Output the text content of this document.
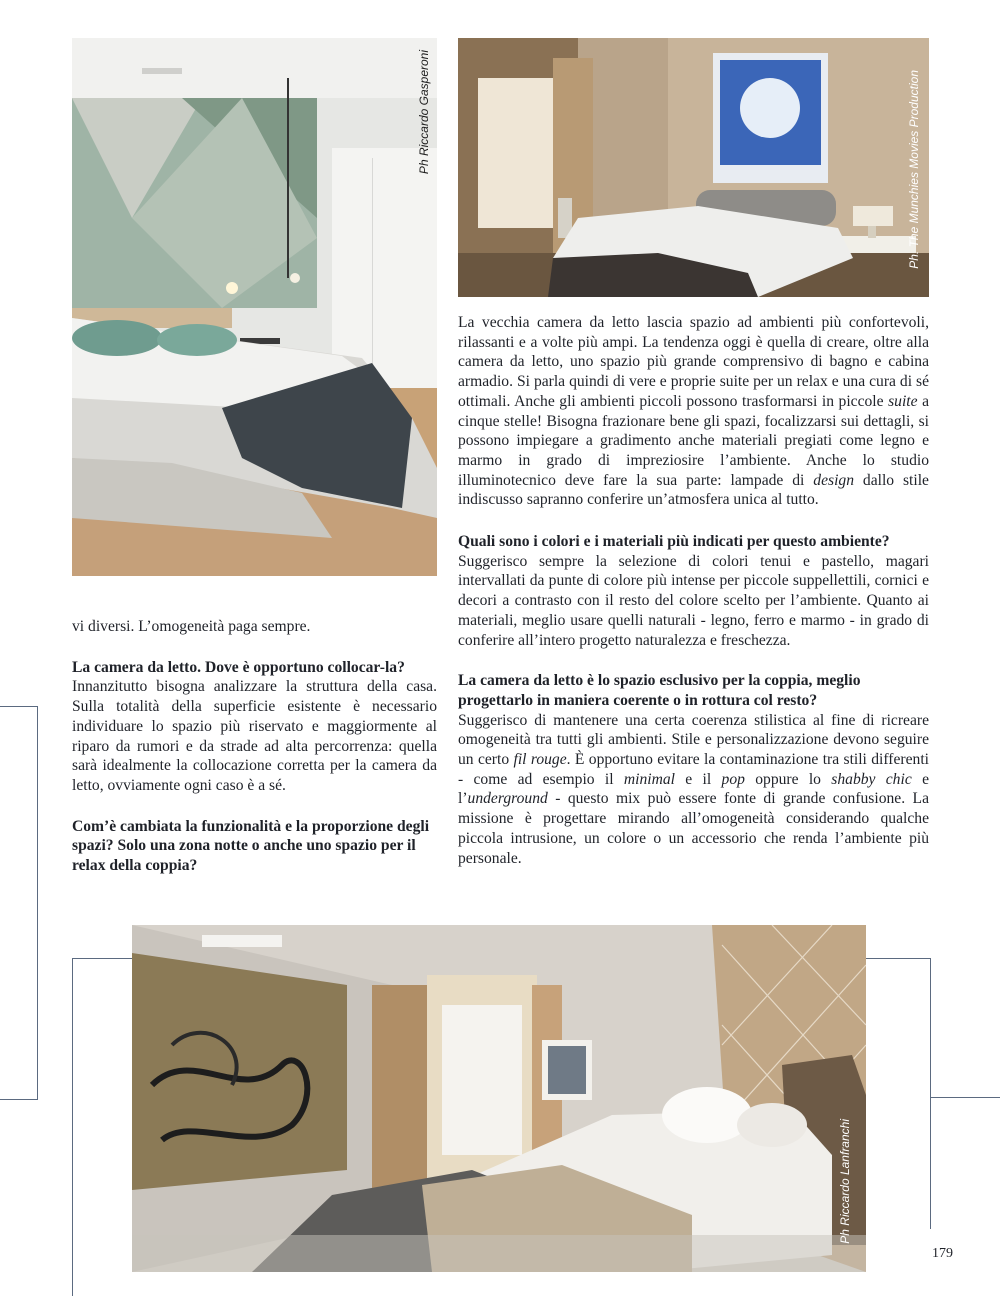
Ph Riccardo Gasperoni	Ph. The Munchies Movies Production

vi diversi. L’omogeneità paga sempre.

La camera da letto. Dove è opportuno collocar-la?

Innanzitutto bisogna analizzare la struttura della casa. Sulla totalità della superficie esistente è necessario individuare lo spazio più riservato e maggiormente al riparo da rumori e da strade ad alta percorrenza: quella sarà idealmente la collocazione corretta per la camera da letto, ovviamente ogni caso è a sé.

Com’è cambiata la funzionalità e la proporzione degli spazi? Solo una zona notte o anche uno spazio per il relax della coppia?

La vecchia camera da letto lascia spazio ad ambienti più confortevoli, rilassanti e a volte più ampi. La tendenza oggi è quella di creare, oltre alla camera da letto, uno spazio più grande comprensivo di bagno e cabina armadio. Si parla quindi di vere e proprie suite per un relax e una cura di sé ottimali. Anche gli ambienti piccoli possono trasformarsi in piccole suite a cinque stelle! Bisogna frazionare bene gli spazi, focalizzarsi sui dettagli, si possono impiegare a gradimento anche materiali pregiati come legno e marmo in grado di impreziosire l’ambiente. Anche lo studio illuminotecnico deve fare la sua parte: lampade di design dallo stile indiscusso sapranno conferire un’atmosfera unica al tutto.

Quali sono i colori e i materiali più indicati per questo ambiente?

Suggerisco sempre la selezione di colori tenui e pastello, magari intervallati da punte di colore più intense per piccole suppellettili, cornici e decori a contrasto con il resto del colore scelto per l’ambiente. Quanto ai materiali, meglio usare quelli naturali - legno, ferro e marmo - in grado di conferire all’intero progetto naturalezza e freschezza.

La camera da letto è lo spazio esclusivo per la coppia, meglio progettarlo in maniera coerente o in rottura col resto?

Suggerisco di mantenere una certa coerenza stilistica al fine di ricreare omogeneità tra tutti gli ambienti. Stile e personalizzazione devono seguire un certo fil rouge. È opportuno evitare la contaminazione tra stili differenti - come ad esempio il minimal e il pop oppure lo shabby chic e l’underground - questo mix può essere fonte di grande confusione. La missione è progettare mirando all’omogeneità considerando qualche piccola intrusione, un colore o un accessorio che renda l’ambiente più personale.

Ph Riccardo Lanfranchi
179
